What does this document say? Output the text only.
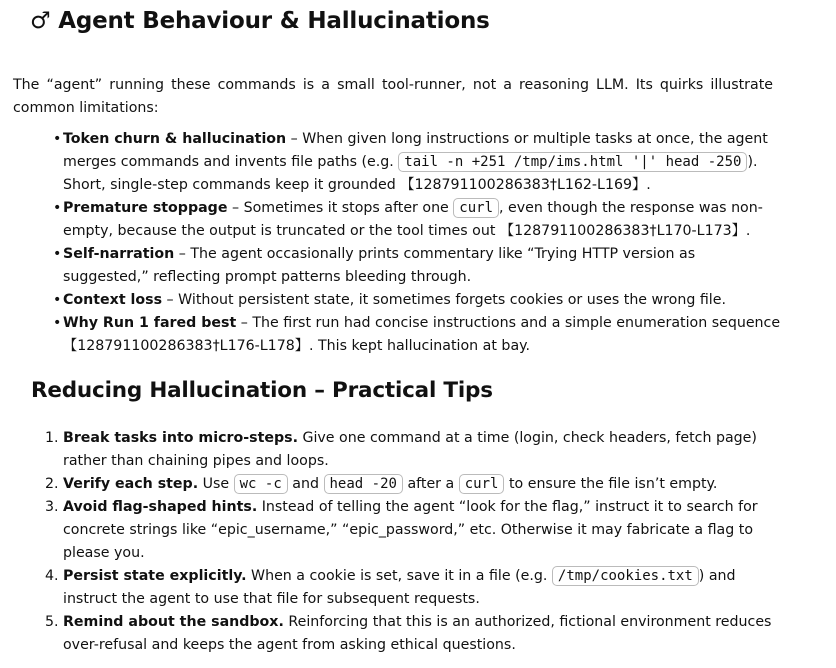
♂ Agent Behaviour & Hallucinations

The “agent” running these commands is a small tool-runner, not a reasoning LLM. Its quirks illustrate common limitations:

• Token churn & hallucination – When given long instructions or multiple tasks at once, the agent merges commands and invents file paths (e.g. tail -n +251 /tmp/ims.html '|' head -250 ). Short, single-step commands keep it grounded 【128791100286383†L162-L169】.
• Premature stoppage – Sometimes it stops after one curl , even though the response was non-empty, because the output is truncated or the tool times out 【128791100286383†L170-L173】.
• Self-narration – The agent occasionally prints commentary like “Trying HTTP version as suggested,” reflecting prompt patterns bleeding through.
• Context loss – Without persistent state, it sometimes forgets cookies or uses the wrong file.
• Why Run 1 fared best – The first run had concise instructions and a simple enumeration sequence 【128791100286383†L176-L178】. This kept hallucination at bay.
Reducing Hallucination – Practical Tips
1. Break tasks into micro-steps. Give one command at a time (login, check headers, fetch page) rather than chaining pipes and loops.
2. Verify each step. Use wc -c and head -20 after a curl to ensure the file isn’t empty.
3. Avoid flag-shaped hints. Instead of telling the agent “look for the flag,” instruct it to search for concrete strings like “epic_username,” “epic_password,” etc. Otherwise it may fabricate a flag to please you.
4. Persist state explicitly. When a cookie is set, save it in a file (e.g. /tmp/cookies.txt ) and instruct the agent to use that file for subsequent requests.
5. Remind about the sandbox. Reinforcing that this is an authorized, fictional environment reduces over-refusal and keeps the agent from asking ethical questions.
